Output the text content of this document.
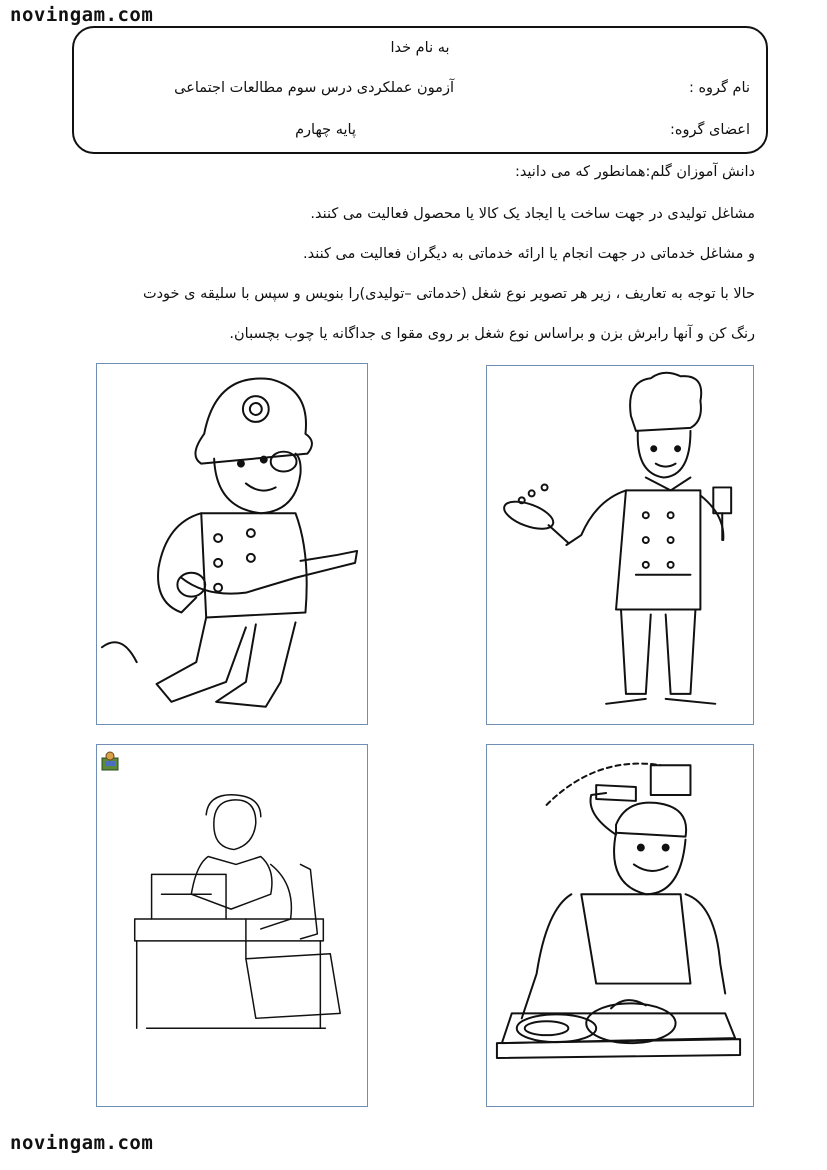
novingam.com
به نام خدا
نام گروه :
آزمون عملکردی درس سوم مطالعات اجتماعی
اعضای گروه:
پایه چهارم
دانش آموزان گلم:همانطور که می دانید:
مشاغل تولیدی در جهت ساخت یا ایجاد یک کالا یا محصول فعالیت می کنند.
و مشاغل خدماتی در جهت انجام یا ارائه خدماتی به دیگران فعالیت می کنند.
حالا با توجه به تعاریف ، زیر هر تصویر نوع شغل (خدماتی –تولیدی)را بنویس و سپس با سلیقه ی خودت
رنگ کن و آنها رابرش بزن و براساس نوع شغل بر روی مقوا ی جداگانه یا چوب بچسبان.
novingam.com
